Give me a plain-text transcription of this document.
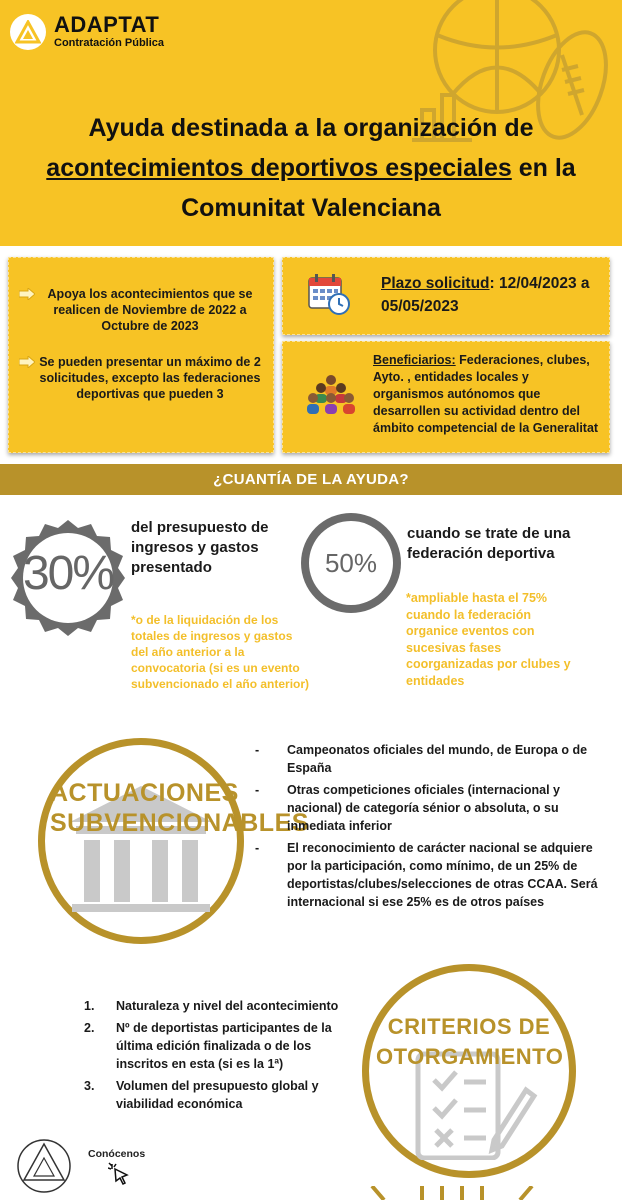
ADAPTAT
Contratación Pública
Ayuda destinada a la organización de
acontecimientos deportivos especiales en la
Comunitat Valenciana
Apoya los acontecimientos que se realicen de Noviembre de 2022 a Octubre de 2023
Se pueden presentar un máximo de 2 solicitudes, excepto las federaciones deportivas que pueden 3
Plazo solicitud: 12/04/2023 a 05/05/2023
Beneficiarios: Federaciones, clubes, Ayto. , entidades locales y organismos autónomos que desarrollen su actividad dentro del ámbito competencial de la Generalitat
¿CUANTÍA DE LA AYUDA?
30%
del presupuesto de ingresos y gastos presentado
*o de la liquidación de los totales de ingresos y gastos del año anterior a la convocatoria (si es un evento subvencionado el año anterior)
50%
cuando se trate de una federación deportiva
*ampliable hasta el 75% cuando la federación organice eventos con sucesivas fases coorganizadas por clubes y entidades
ACTUACIONES
SUBVENCIONABLES
-	Campeonatos oficiales del mundo, de Europa o de España
-	Otras competiciones oficiales (internacional y nacional) de categoría sénior o absoluta, o su inmediata inferior
-	El reconocimiento de carácter nacional se adquiere por la participación, como mínimo, de un 25% de deportistas/clubes/selecciones de otras CCAA. Será internacional si ese 25% es de otros países
1.	Naturaleza y nivel del acontecimiento
2.	Nº de deportistas participantes de la última edición finalizada o de los inscritos en esta (si es la 1ª)
3.	Volumen del presupuesto global y viabilidad económica
CRITERIOS DE
OTORGAMIENTO
Conócenos
